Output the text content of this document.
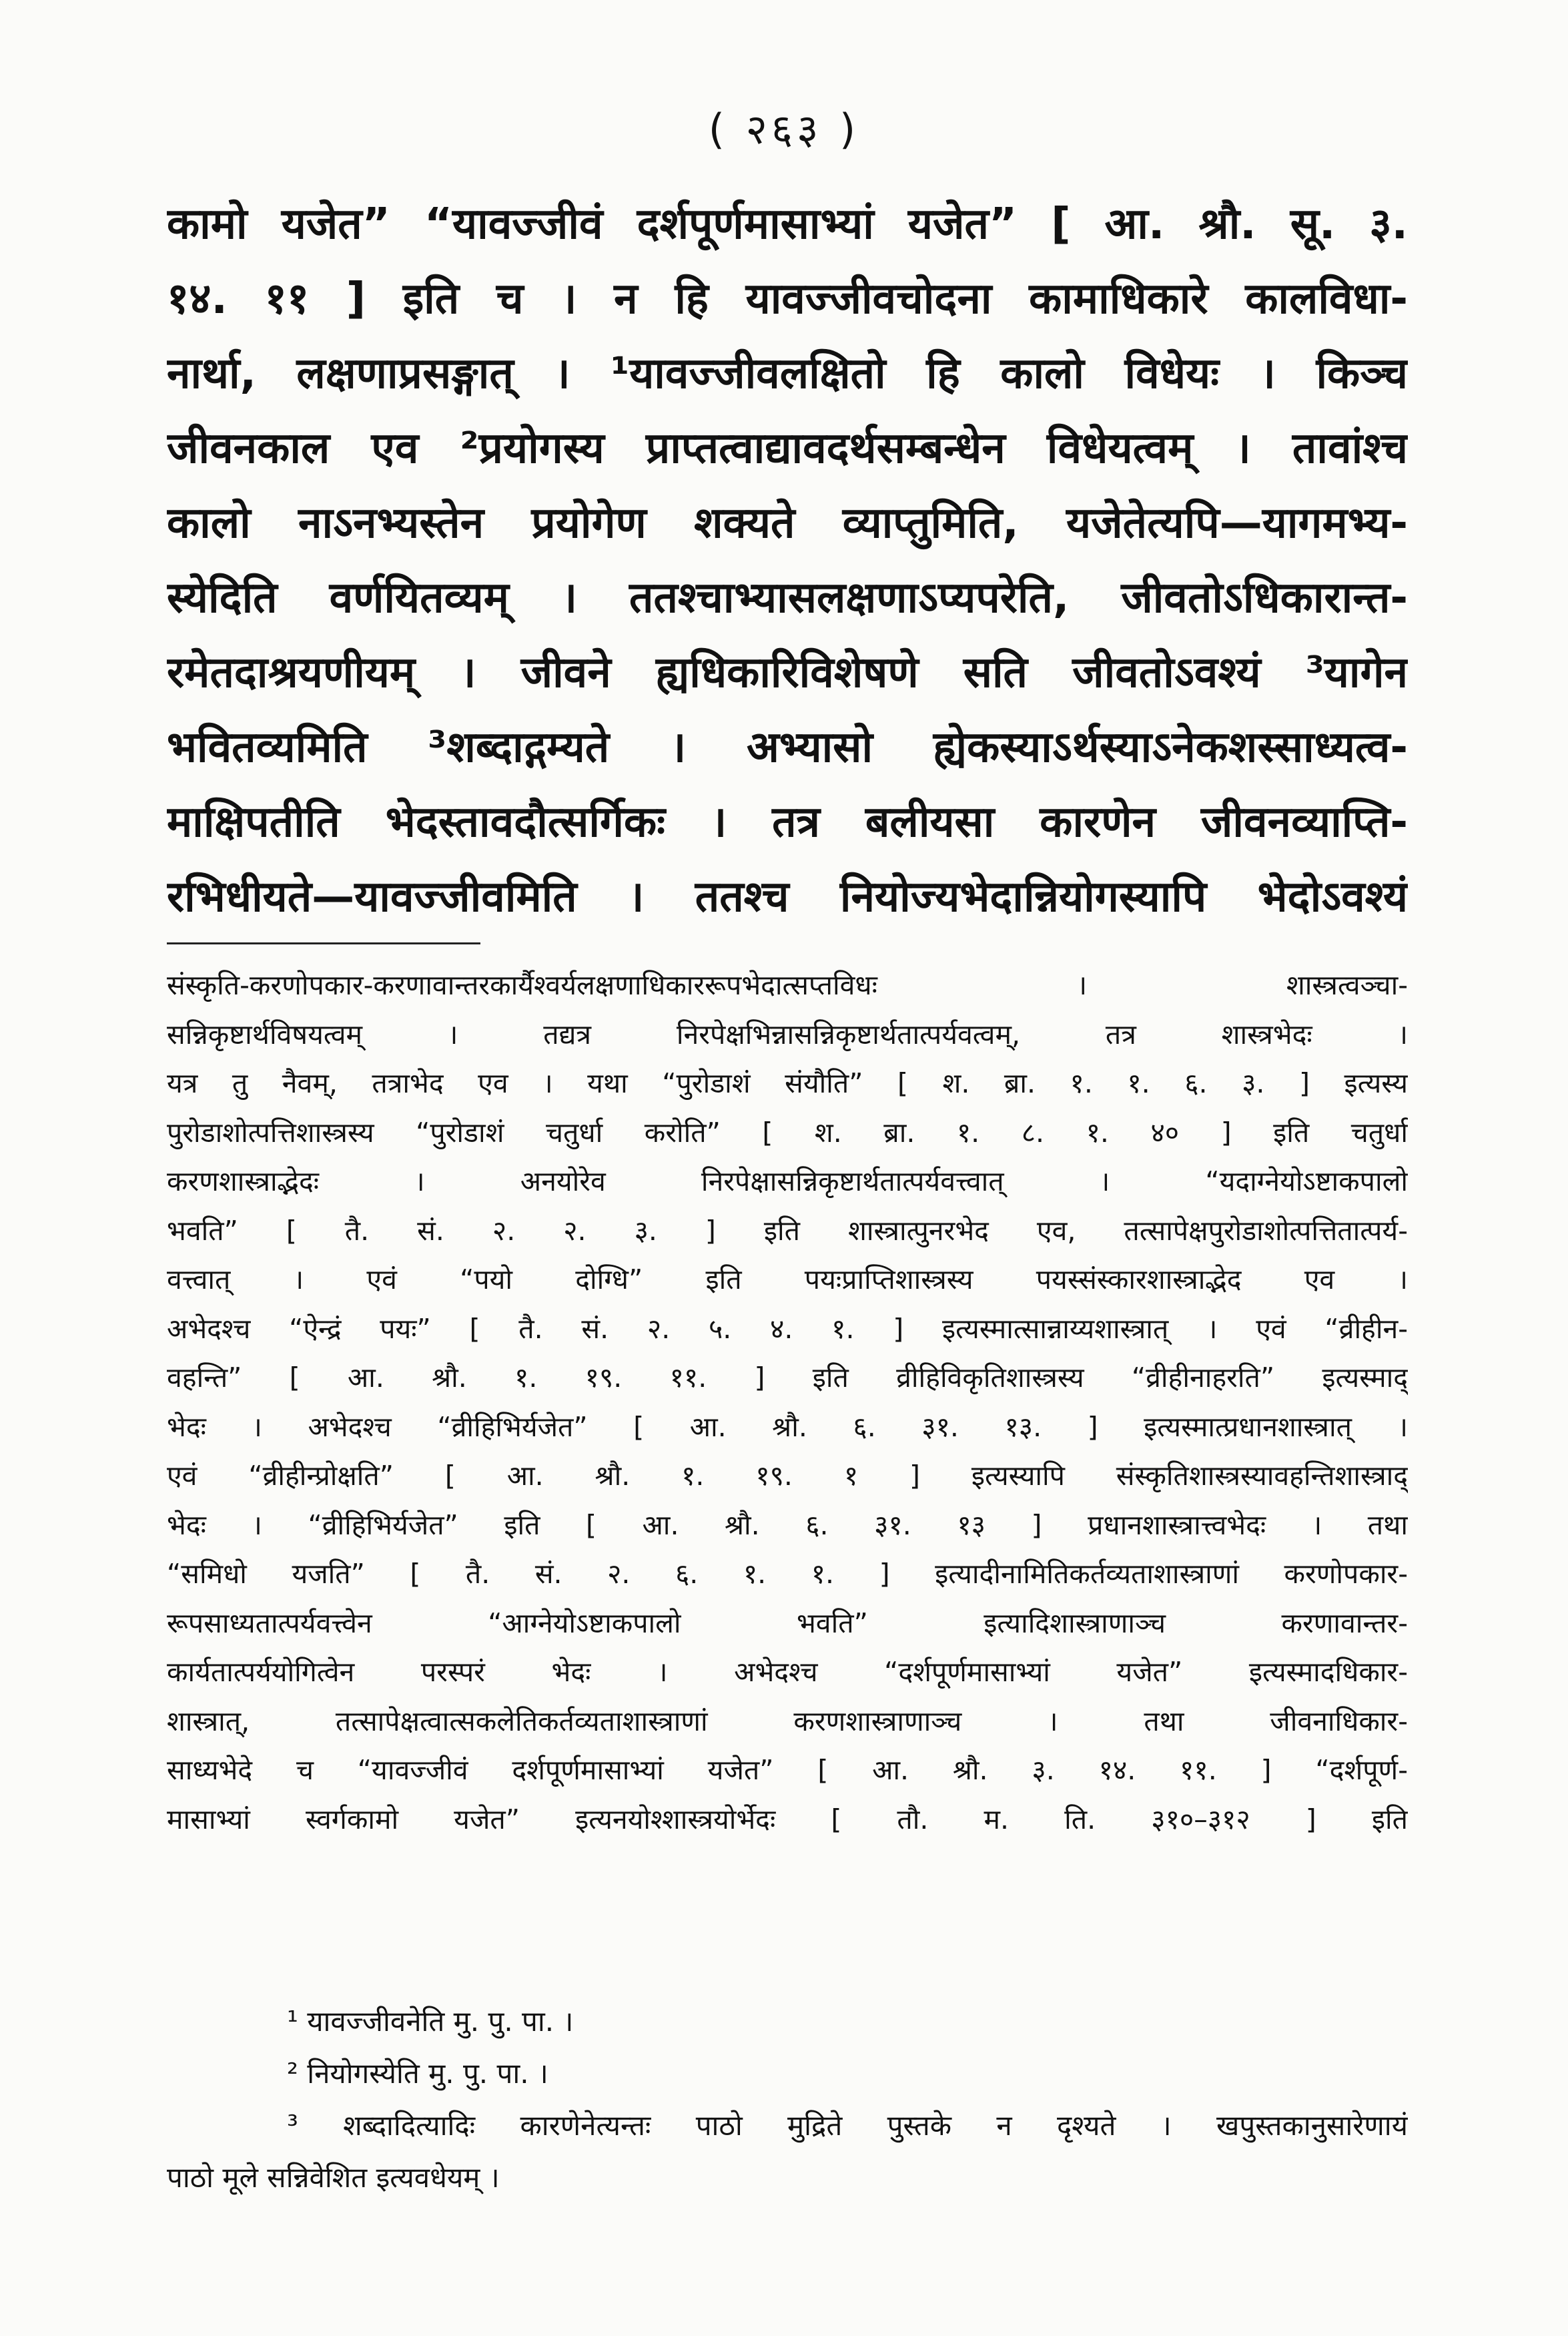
( २६३ )
कामो यजेत” “यावज्जीवं दर्शपूर्णमासाभ्यां यजेत” [ आ. श्रौ. सू. ३.
१४. ११ ] इति च । न हि यावज्जीवचोदना कामाधिकारे कालविधा-
नार्था, लक्षणाप्रसङ्गात् । ¹यावज्जीवलक्षितो हि कालो विधेयः । किञ्च
जीवनकाल एव ²प्रयोगस्य प्राप्तत्वाद्यावदर्थसम्बन्धेन विधेयत्वम् । तावांश्च
कालो नाऽनभ्यस्तेन प्रयोगेण शक्यते व्याप्तुमिति, यजेतेत्यपि—यागमभ्य-
स्येदिति वर्णयितव्यम् । ततश्चाभ्यासलक्षणाऽप्यपरेति, जीवतोऽधिकारान्त-
रमेतदाश्रयणीयम् । जीवने ह्यधिकारिविशेषणे सति जीवतोऽवश्यं ³यागेन
भवितव्यमिति ³शब्दाद्गम्यते । अभ्यासो ह्येकस्याऽर्थस्याऽनेकशस्साध्यत्व-
माक्षिपतीति भेदस्तावदौत्सर्गिकः । तत्र बलीयसा कारणेन जीवनव्याप्ति-
रभिधीयते—यावज्जीवमिति । ततश्च नियोज्यभेदान्नियोगस्यापि भेदोऽवश्यं
संस्कृति-करणोपकार-करणावान्तरकार्यैश्वर्यलक्षणाधिकाररूपभेदात्सप्तविधः । शास्त्रत्वञ्चा-
सन्निकृष्टार्थविषयत्वम् । तद्यत्र निरपेक्षभिन्नासन्निकृष्टार्थतात्पर्यवत्वम्, तत्र शास्त्रभेदः ।
यत्र तु नैवम्, तत्राभेद एव । यथा “पुरोडाशं संयौति” [ श. ब्रा. १. १. ६. ३. ] इत्यस्य
पुरोडाशोत्पत्तिशास्त्रस्य “पुरोडाशं चतुर्धा करोति” [ श. ब्रा. १. ८. १. ४० ] इति चतुर्धा
करणशास्त्राद्भेदः । अनयोरेव निरपेक्षासन्निकृष्टार्थतात्पर्यवत्त्वात् । “यदाग्नेयोऽष्टाकपालो
भवति” [ तै. सं. २. २. ३. ] इति शास्त्रात्पुनरभेद एव, तत्सापेक्षपुरोडाशोत्पत्तितात्पर्य-
वत्त्वात् । एवं “पयो दोग्धि” इति पयःप्राप्तिशास्त्रस्य पयस्संस्कारशास्त्राद्भेद एव ।
अभेदश्च “ऐन्द्रं पयः” [ तै. सं. २. ५. ४. १. ] इत्यस्मात्सान्नाय्यशास्त्रात् । एवं “व्रीहीन-
वहन्ति” [ आ. श्रौ. १. १९. ११. ] इति व्रीहिविकृतिशास्त्रस्य “व्रीहीनाहरति” इत्यस्माद्
भेदः । अभेदश्च “व्रीहिभिर्यजेत” [ आ. श्रौ. ६. ३१. १३. ] इत्यस्मात्प्रधानशास्त्रात् ।
एवं “व्रीहीन्प्रोक्षति” [ आ. श्रौ. १. १९. १ ] इत्यस्यापि संस्कृतिशास्त्रस्यावहन्तिशास्त्राद्
भेदः । “व्रीहिभिर्यजेत” इति [ आ. श्रौ. ६. ३१. १३ ] प्रधानशास्त्रात्त्वभेदः । तथा
“समिधो यजति” [ तै. सं. २. ६. १. १. ] इत्यादीनामितिकर्तव्यताशास्त्राणां करणोपकार-
रूपसाध्यतात्पर्यवत्त्वेन “आग्नेयोऽष्टाकपालो भवति” इत्यादिशास्त्राणाञ्च करणावान्तर-
कार्यतात्पर्ययोगित्वेन परस्परं भेदः । अभेदश्च “दर्शपूर्णमासाभ्यां यजेत” इत्यस्मादधिकार-
शास्त्रात्, तत्सापेक्षत्वात्सकलेतिकर्तव्यताशास्त्राणां करणशास्त्राणाञ्च । तथा जीवनाधिकार-
साध्यभेदे च “यावज्जीवं दर्शपूर्णमासाभ्यां यजेत” [ आ. श्रौ. ३. १४. ११. ] “दर्शपूर्ण-
मासाभ्यां स्वर्गकामो यजेत” इत्यनयोश्शास्त्रयोर्भेदः [ तौ. म. ति. ३१०–३१२ ] इति
¹ यावज्जीवनेति मु. पु. पा. ।
² नियोगस्येति मु. पु. पा. ।
³ शब्दादित्यादिः कारणेनेत्यन्तः पाठो मुद्रिते पुस्तके न दृश्यते । खपुस्तकानुसारेणायं
पाठो मूले सन्निवेशित इत्यवधेयम् ।
